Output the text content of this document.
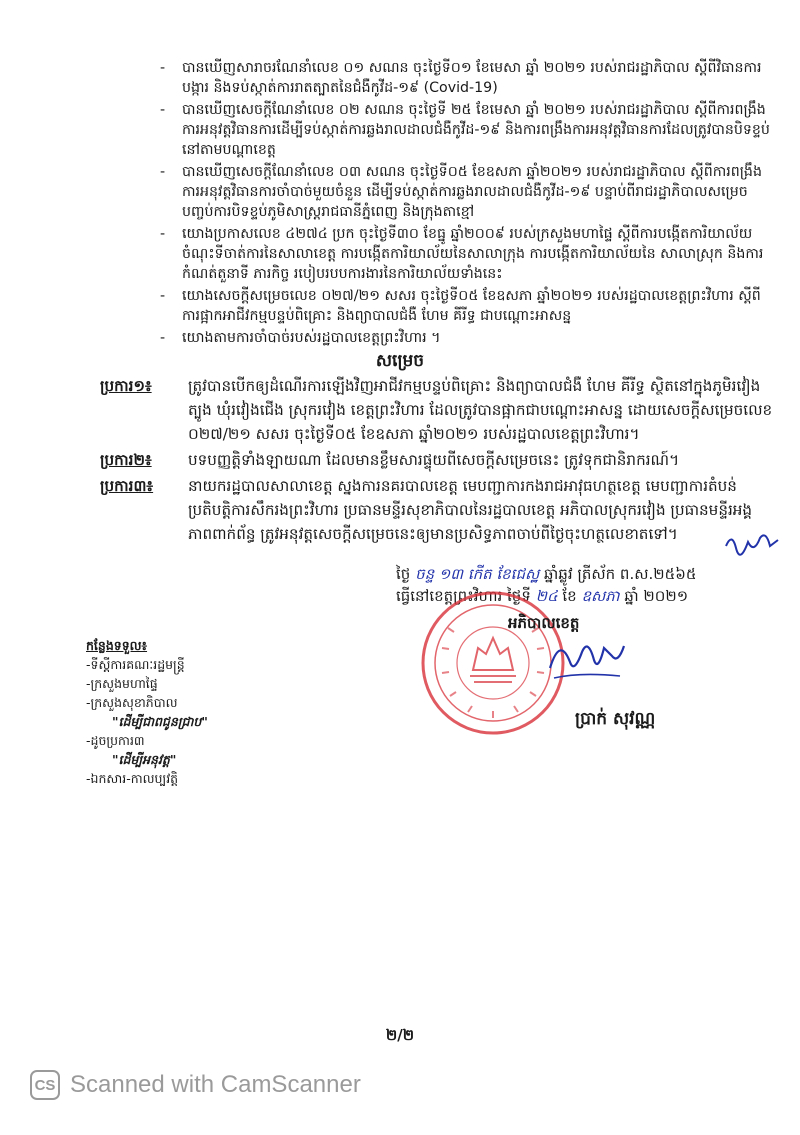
-	បានឃើញសារាចរណែនាំលេខ ០១ សណន ចុះថ្ងៃទី០១ ខែមេសា ឆ្នាំ ២០២១ របស់រាជរដ្ឋាភិបាល ស្ដីពីវិធានការបង្ការ និងទប់ស្កាត់ការរាតត្បាតនៃជំងឺកូវីដ-១៩ (Covid-19)
-	បានឃើញសេចក្ដីណែនាំលេខ ០២ សណន ចុះថ្ងៃទី ២៥ ខែមេសា ឆ្នាំ ២០២១ របស់រាជរដ្ឋាភិបាល ស្ដីពីការពង្រឹងការអនុវត្តវិធានការដើម្បីទប់ស្កាត់ការឆ្លងរាលដាលជំងឺកូវីដ-១៩ និងការពង្រឹងការអនុវត្តវិធានការដែលត្រូវបានបិទខ្ទប់នៅតាមបណ្ដាខេត្ត
-	បានឃើញសេចក្ដីណែនាំលេខ ០៣ សណន ចុះថ្ងៃទី០៥ ខែឧសភា ឆ្នាំ២០២១ របស់រាជរដ្ឋាភិបាល ស្ដីពីការពង្រឹងការអនុវត្តវិធានការចាំបាច់មួយចំនួន ដើម្បីទប់ស្កាត់ការឆ្លងរាលដាលជំងឺកូវីដ-១៩ បន្ទាប់ពីរាជរដ្ឋាភិបាលសម្រេចបញ្ចប់ការបិទខ្ទប់ភូមិសាស្ត្ររាជធានីភ្នំពេញ និងក្រុងតាខ្មៅ
-	យោងប្រកាសលេខ ៤២៧៤ ប្រក ចុះថ្ងៃទី៣០ ខែធ្នូ ឆ្នាំ២០០៩ របស់ក្រសួងមហាផ្ទៃ ស្ដីពីការបង្កើតការិយាល័យចំណុះទីចាត់ការនៃសាលាខេត្ត ការបង្កើតការិយាល័យនៃសាលាក្រុង ការបង្កើតការិយាល័យនៃ សាលាស្រុក និងការកំណត់តួនាទី ភារកិច្ច របៀបរបបការងារនៃការិយាល័យទាំងនេះ
-	យោងសេចក្ដីសម្រេចលេខ ០២៧/២១ សសរ ចុះថ្ងៃទី០៥ ខែឧសភា ឆ្នាំ២០២១ របស់រដ្ឋបាលខេត្តព្រះវិហារ ស្ដីពីការផ្អាកអាជីវកម្មបន្ទប់ពិគ្រោះ និងព្យាបាលជំងឺ ហែម គីរីទ្ធ ជាបណ្ដោះអាសន្ន
-	យោងតាមការចាំបាច់របស់រដ្ឋបាលខេត្តព្រះវិហារ ។
សម្រេច
ប្រការ១៖	ត្រូវបានបើកឲ្យដំណើរការឡើងវិញអាជីវកម្មបន្ទប់ពិគ្រោះ និងព្យាបាលជំងឺ ហែម គីរីទ្ធ ស្ថិតនៅក្នុងភូមិរវៀងត្បូង ឃុំរវៀងជើង ស្រុករវៀង ខេត្តព្រះវិហារ ដែលត្រូវបានផ្អាកជាបណ្ដោះអាសន្ន ដោយសេចក្ដីសម្រេចលេខ ០២៧/២១ សសរ ចុះថ្ងៃទី០៥ ខែឧសភា ឆ្នាំ២០២១ របស់រដ្ឋបាលខេត្តព្រះវិហារ។
ប្រការ២៖	បទបញ្ញត្តិទាំងឡាយណា ដែលមានខ្លឹមសារផ្ទុយពីសេចក្ដីសម្រេចនេះ ត្រូវទុកជានិរាករណ៍។
ប្រការ៣៖	នាយករដ្ឋបាលសាលាខេត្ត ស្នងការនគរបាលខេត្ត មេបញ្ជាការកងរាជអាវុធហត្ថខេត្ត មេបញ្ជាការតំបន់ប្រតិបត្តិការសឹករងព្រះវិហារ ប្រធានមន្ទីរសុខាភិបាលនៃរដ្ឋបាលខេត្ត អភិបាលស្រុករវៀង ប្រធានមន្ទីរអង្គភាពពាក់ព័ន្ធ ត្រូវអនុវត្តសេចក្ដីសម្រេចនេះឲ្យមានប្រសិទ្ធភាពចាប់ពីថ្ងៃចុះហត្ថលេខាតទៅ។
ថ្ងៃ ចន្ទ ១៣ កើត ខែជេស្ឋ ឆ្នាំឆ្លូវ ត្រីស័ក ព.ស.២៥៦៥
ធ្វើនៅខេត្តព្រះវិហារ ថ្ងៃទី ២៤ ខែ ឧសភា ឆ្នាំ ២០២១
អភិបាលខេត្ត
ប្រាក់ សុវណ្ណ
កន្លែងទទួល៖
-ទីស្ដីការគណៈរដ្ឋមន្ត្រី
-ក្រសួងមហាផ្ទៃ
-ក្រសួងសុខាភិបាល
"ដើម្បីជាពជូនជ្រាប"
-ដូចប្រការ៣
"ដើម្បីអនុវត្ត"
-ឯកសារ-កាលប្បវត្តិ
២/២
CS Scanned with CamScanner
